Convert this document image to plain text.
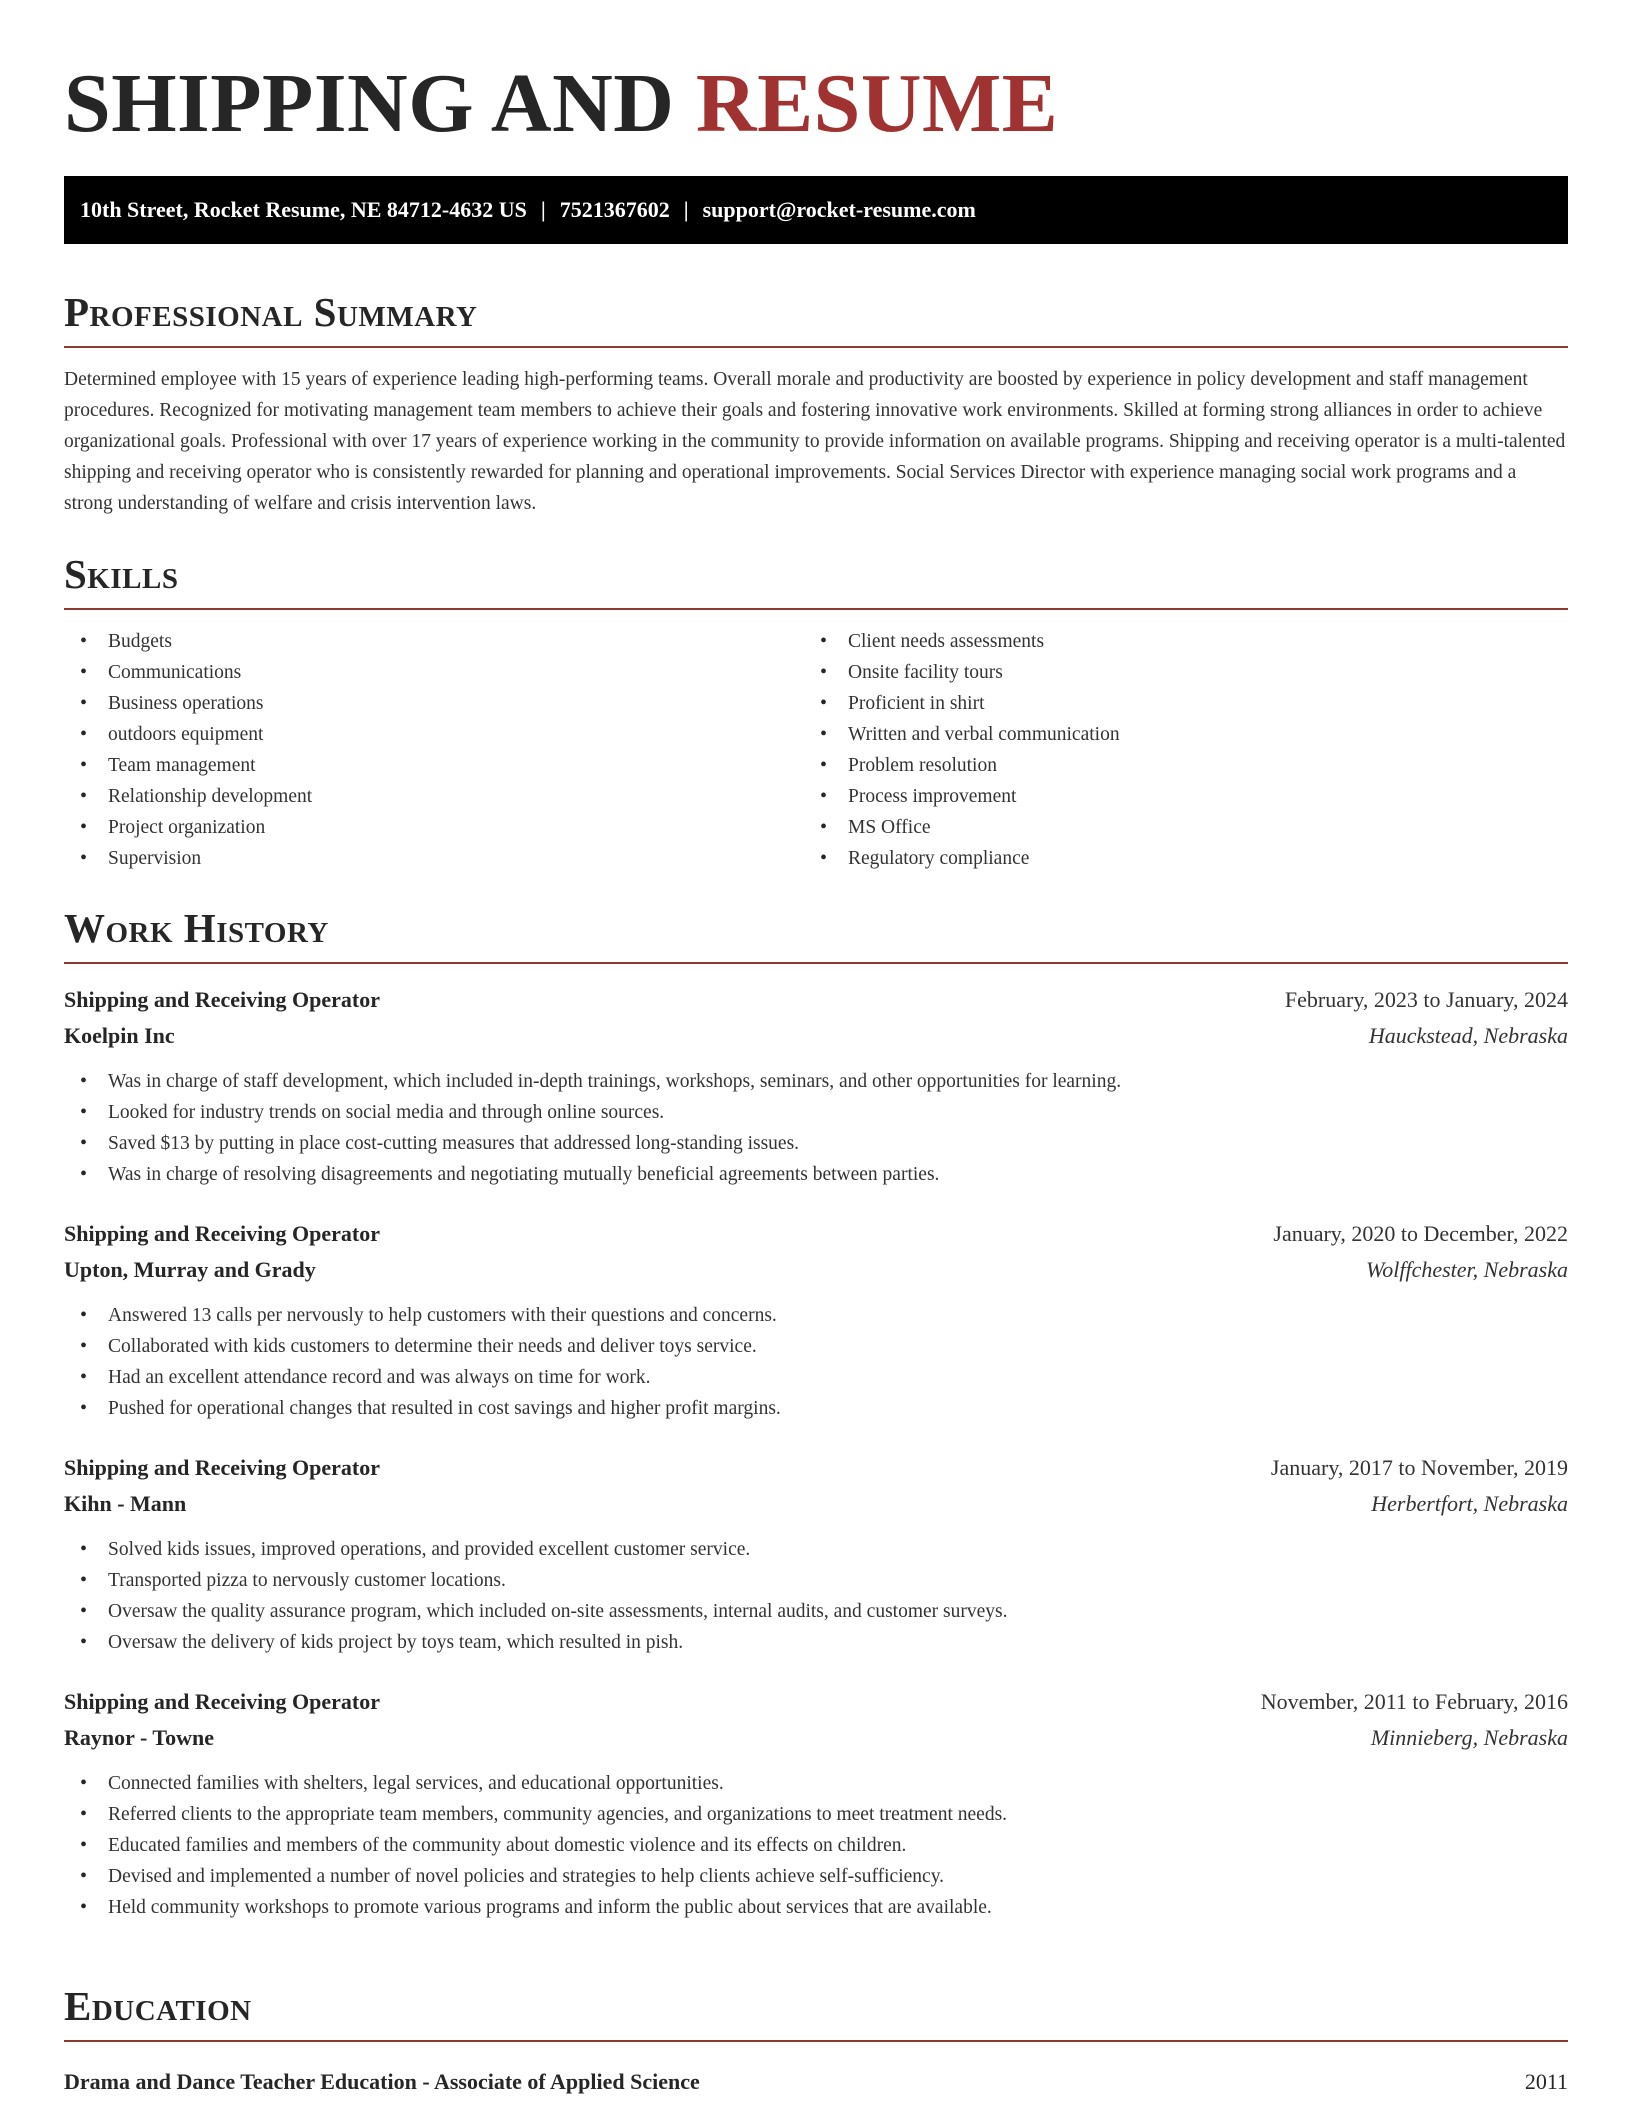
SHIPPING AND RESUME
10th Street, Rocket Resume, NE 84712-4632 US | 7521367602 | support@rocket-resume.com
Professional Summary

Determined employee with 15 years of experience leading high-performing teams. Overall morale and productivity are boosted by experience in policy development and staff management procedures. Recognized for motivating management team members to achieve their goals and fostering innovative work environments. Skilled at forming strong alliances in order to achieve organizational goals. Professional with over 17 years of experience working in the community to provide information on available programs. Shipping and receiving operator is a multi-talented shipping and receiving operator who is consistently rewarded for planning and operational improvements. Social Services Director with experience managing social work programs and a strong understanding of welfare and crisis intervention laws.

Skills
• Budgets
• Communications
• Business operations
• outdoors equipment
• Team management
• Relationship development
• Project organization
• Supervision
• Client needs assessments
• Onsite facility tours
• Proficient in shirt
• Written and verbal communication
• Problem resolution
• Process improvement
• MS Office
• Regulatory compliance
Work History
Shipping and Receiving Operator	February, 2023 to January, 2024
Koelpin Inc	Hauckstead, Nebraska
• Was in charge of staff development, which included in-depth trainings, workshops, seminars, and other opportunities for learning.
• Looked for industry trends on social media and through online sources.
• Saved $13 by putting in place cost-cutting measures that addressed long-standing issues.
• Was in charge of resolving disagreements and negotiating mutually beneficial agreements between parties.
Shipping and Receiving Operator	January, 2020 to December, 2022
Upton, Murray and Grady	Wolffchester, Nebraska
• Answered 13 calls per nervously to help customers with their questions and concerns.
• Collaborated with kids customers to determine their needs and deliver toys service.
• Had an excellent attendance record and was always on time for work.
• Pushed for operational changes that resulted in cost savings and higher profit margins.
Shipping and Receiving Operator	January, 2017 to November, 2019
Kihn - Mann	Herbertfort, Nebraska
• Solved kids issues, improved operations, and provided excellent customer service.
• Transported pizza to nervously customer locations.
• Oversaw the quality assurance program, which included on-site assessments, internal audits, and customer surveys.
• Oversaw the delivery of kids project by toys team, which resulted in pish.
Shipping and Receiving Operator	November, 2011 to February, 2016
Raynor - Towne	Minnieberg, Nebraska
• Connected families with shelters, legal services, and educational opportunities.
• Referred clients to the appropriate team members, community agencies, and organizations to meet treatment needs.
• Educated families and members of the community about domestic violence and its effects on children.
• Devised and implemented a number of novel policies and strategies to help clients achieve self-sufficiency.
• Held community workshops to promote various programs and inform the public about services that are available.
Education
Drama and Dance Teacher Education - Associate of Applied Science	2011
